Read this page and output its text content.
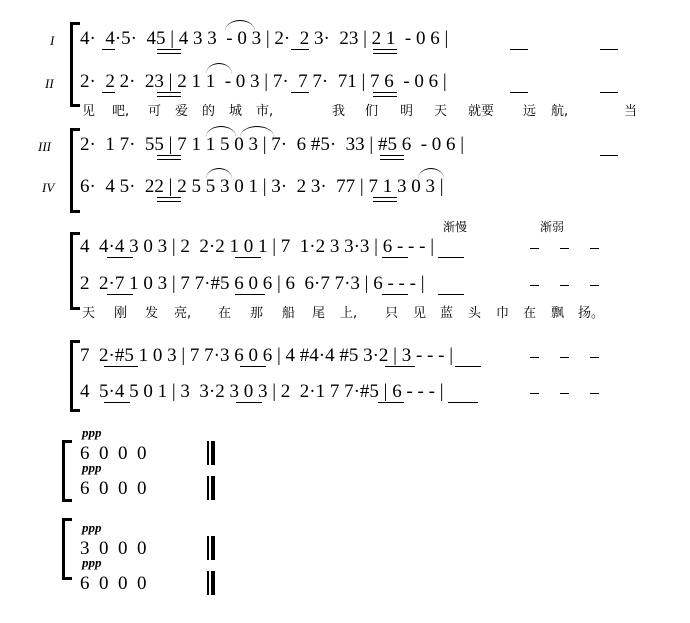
I
II
III
IV
4·  4·5·  45 | 4 3 3  - 0 3 | 2·  2 3·  23 | 2 1  - 0 6 |
2·  2 2·  23 | 2 1 1  - 0 3 | 7·  7 7·  71 | 7 6  - 0 6 |
见 吧, 可 爱 的 城 市,	我 们 明 天 就要 远 航,	当
2·  1 7·  55 | 7 1 1 5 0 3 | 7·  6 #5·  33 | #5 6  - 0 6 |
6·  4 5·  22 | 2 5 5 3 0 1 | 3·  2 3·  77 | 7 1 3 0 3 |
渐慢	渐弱
4  4·4 3 0 3 | 2  2·2 1 0 1 | 7  1·2 3 3·3 | 6 - - - |
2  2·7 1 0 3 | 7 7·#5 6 0 6 | 6  6·7 7·3 | 6 - - - |
天 刚 发 亮, 在 那 船 尾 上, 只 见 蓝 头 巾 在 飘 扬。
7  2·#5 1 0 3 | 7 7·3 6 0 6 | 4 #4·4 #5 3·2 | 3 - - - |
4  5·4 5 0 1 | 3  3·2 3 0 3 | 2  2·1 7 7·#5 | 6 - - - |
ppp
6  0  0  0
ppp
6  0  0  0
ppp
3  0  0  0
ppp
6  0  0  0
